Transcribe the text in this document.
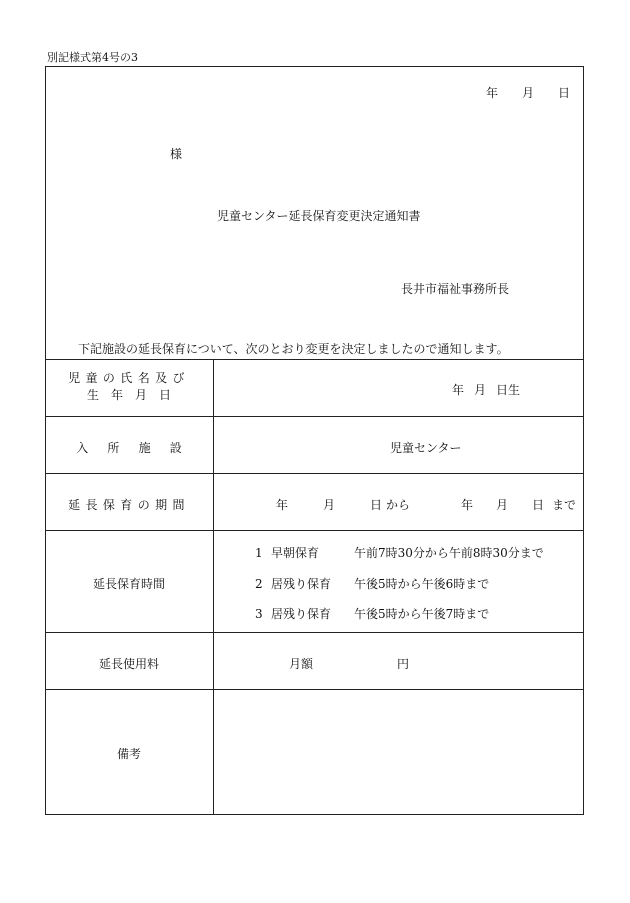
別記様式第4号の3
年 月 日
様
児童センター延長保育変更決定通知書
長井市福祉事務所長
下記施設の延長保育について、次のとおり変更を決定しましたので通知します。
児童の氏名及び
生　年　月　日	年 月 日生
入所施設	児童センター
延長保育の期間	年	月	日 から	年 月 日 まで
延長保育時間
1 早朝保育	午前7時30分から午前8時30分まで
2 居残り保育 午後5時から午後6時まで
3 居残り保育 午後5時から午後7時まで
延長使用料	月額	円
備考
